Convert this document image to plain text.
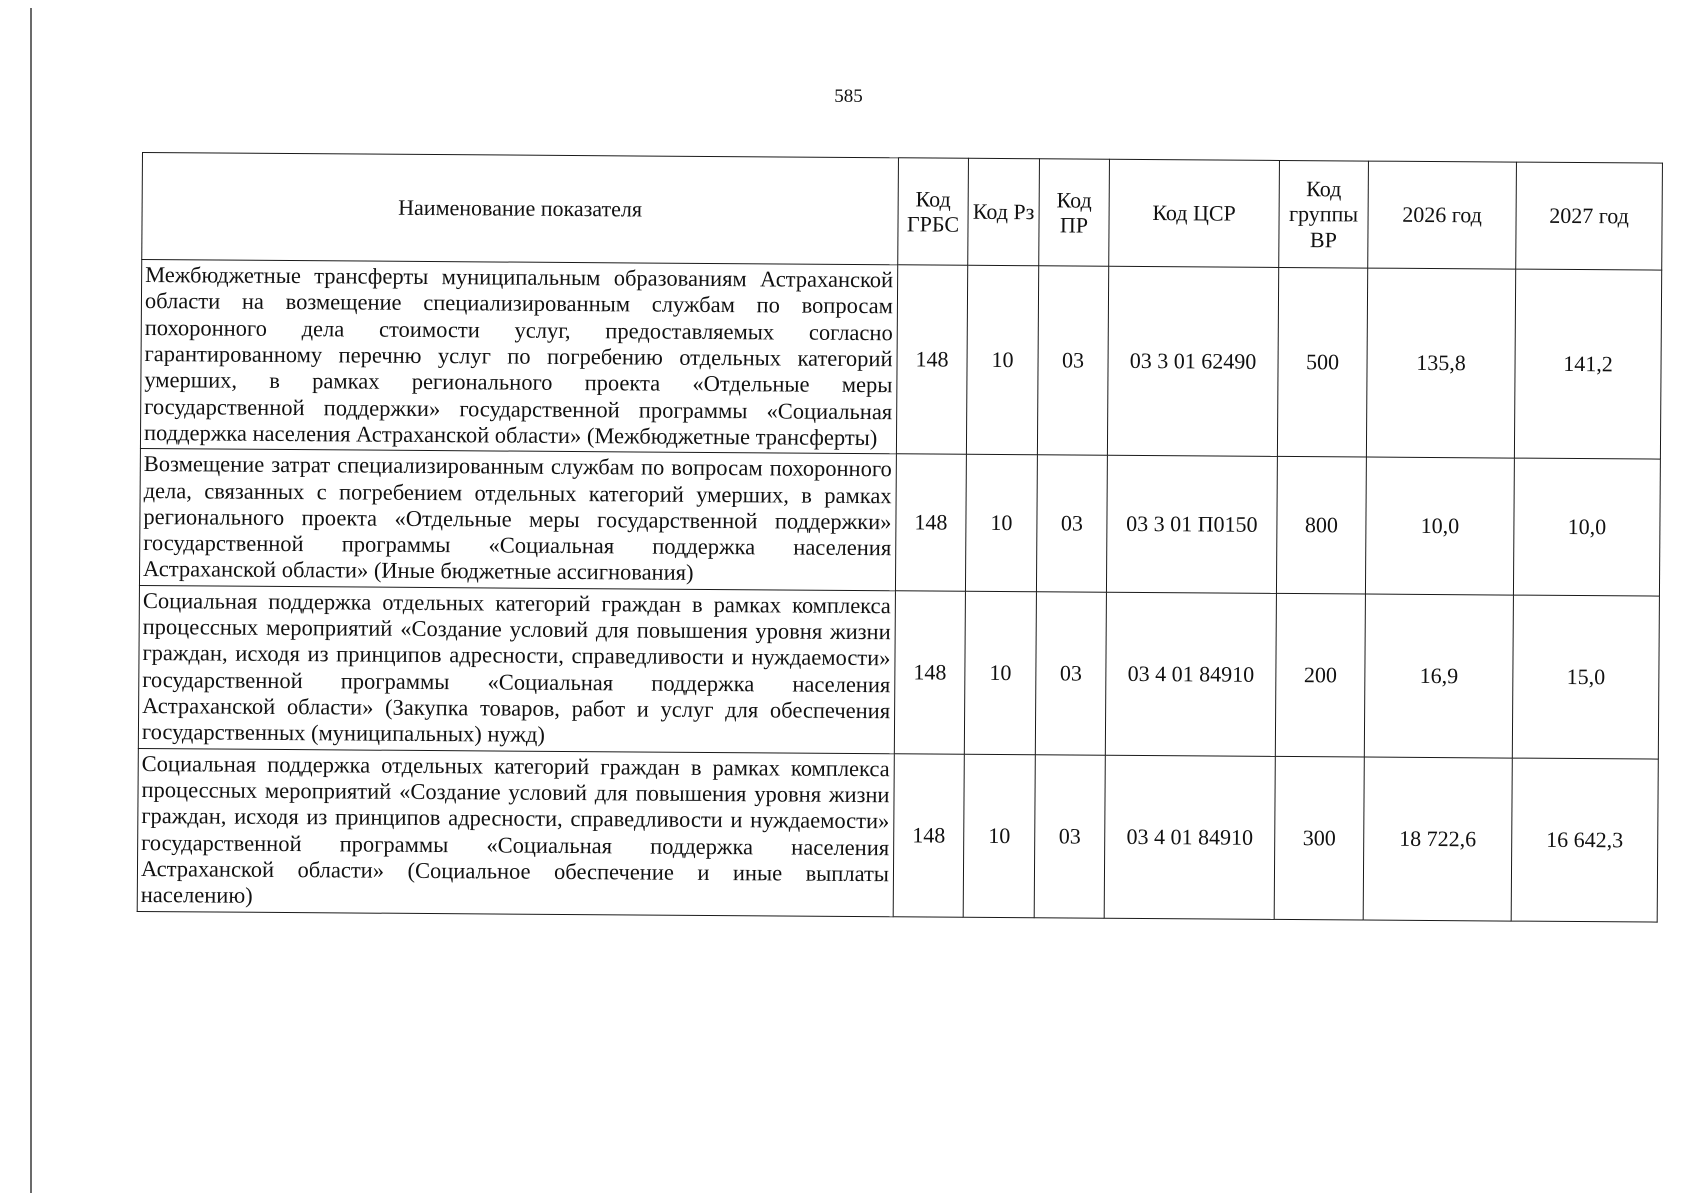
585
Наименование показателя	Код ГРБС	Код Рз	Код ПР	Код ЦСР	Код группы ВР	2026 год	2027 год
Межбюджетные трансферты муниципальным образованиям Астраханской области на возмещение специализированным службам по вопросам похоронного дела стоимости услуг, предоставляемых согласно гарантированному перечню услуг по погребению отдельных категорий умерших, в рамках регионального проекта «Отдельные меры государственной поддержки» государственной программы «Социальная поддержка населения Астраханской области» (Межбюджетные трансферты)	148	10	03	03 3 01 62490	500	135,8	141,2
Возмещение затрат специализированным службам по вопросам похоронного дела, связанных с погребением отдельных категорий умерших, в рамках регионального проекта «Отдельные меры государственной поддержки» государственной программы «Социальная поддержка населения Астраханской области» (Иные бюджетные ассигнования)	148	10	03	03 3 01 П0150	800	10,0	10,0
Социальная поддержка отдельных категорий граждан в рамках комплекса процессных мероприятий «Создание условий для повышения уровня жизни граждан, исходя из принципов адресности, справедливости и нуждаемости» государственной программы «Социальная поддержка населения Астраханской области» (Закупка товаров, работ и услуг для обеспечения государственных (муниципальных) нужд)	148	10	03	03 4 01 84910	200	16,9	15,0
Социальная поддержка отдельных категорий граждан в рамках комплекса процессных мероприятий «Создание условий для повышения уровня жизни граждан, исходя из принципов адресности, справедливости и нуждаемости» государственной программы «Социальная поддержка населения Астраханской области» (Социальное обеспечение и иные выплаты населению)	148	10	03	03 4 01 84910	300	18 722,6	16 642,3
